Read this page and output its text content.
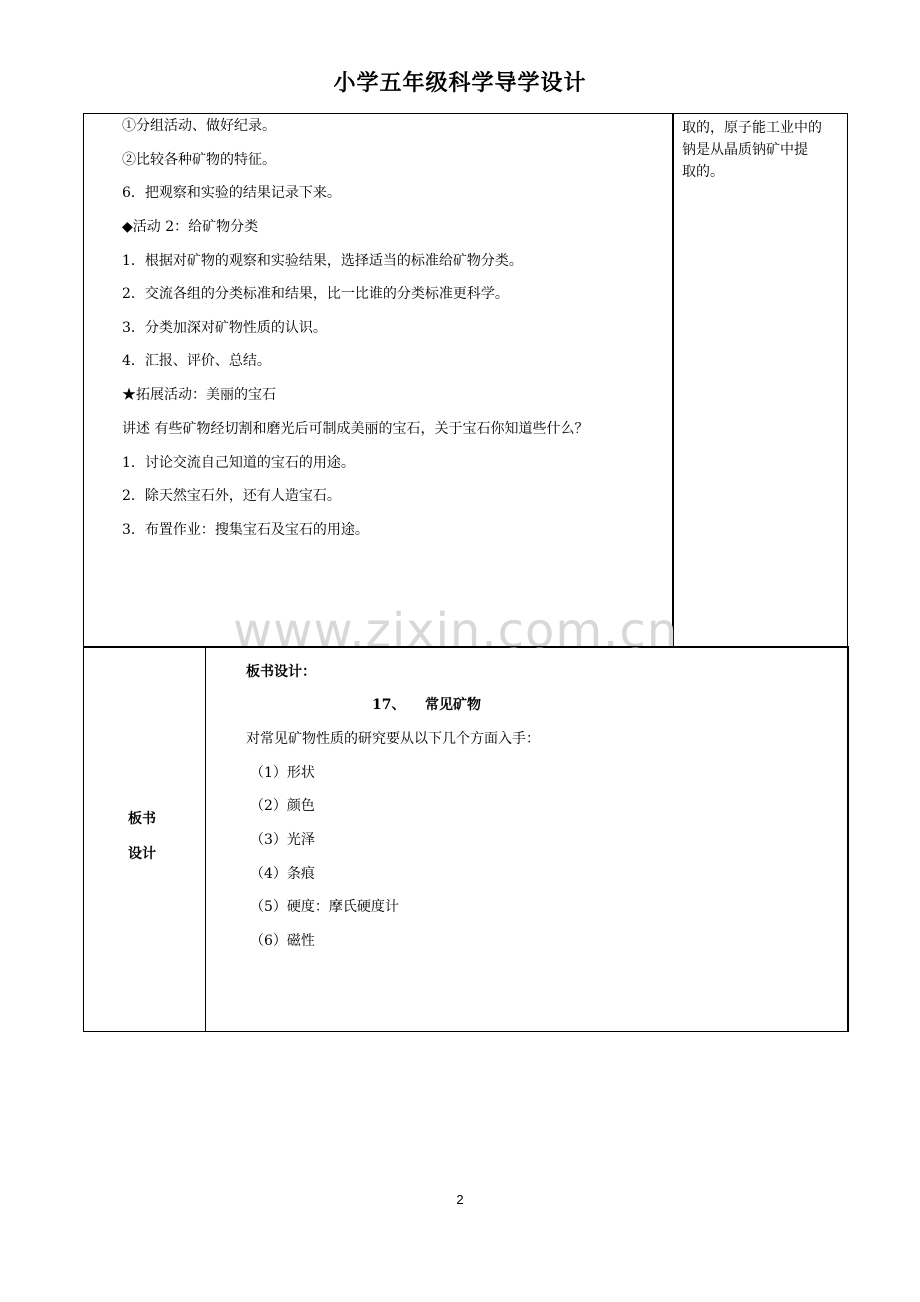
小学五年级科学导学设计
①分组活动、做好纪录。
②比较各种矿物的特征。
6．把观察和实验的结果记录下来。
◆活动 2：给矿物分类
1．根据对矿物的观察和实验结果，选择适当的标准给矿物分类。
2．交流各组的分类标准和结果，比一比谁的分类标准更科学。
3．分类加深对矿物性质的认识。
4．汇报、评价、总结。
★拓展活动：美丽的宝石
讲述 有些矿物经切割和磨光后可制成美丽的宝石，关于宝石你知道些什么？
1．讨论交流自己知道的宝石的用途。
2．除天然宝石外，还有人造宝石。
3．布置作业：搜集宝石及宝石的用途。
取的，原子能工业中的
钠是从晶质钠矿中提
取的。
www.zixin.com.cn
板书
设计
板书设计：
17、    常见矿物
对常见矿物性质的研究要从以下几个方面入手：
（1）形状
（2）颜色
（3）光泽
（4）条痕
（5）硬度：摩氏硬度计
（6）磁性
2
